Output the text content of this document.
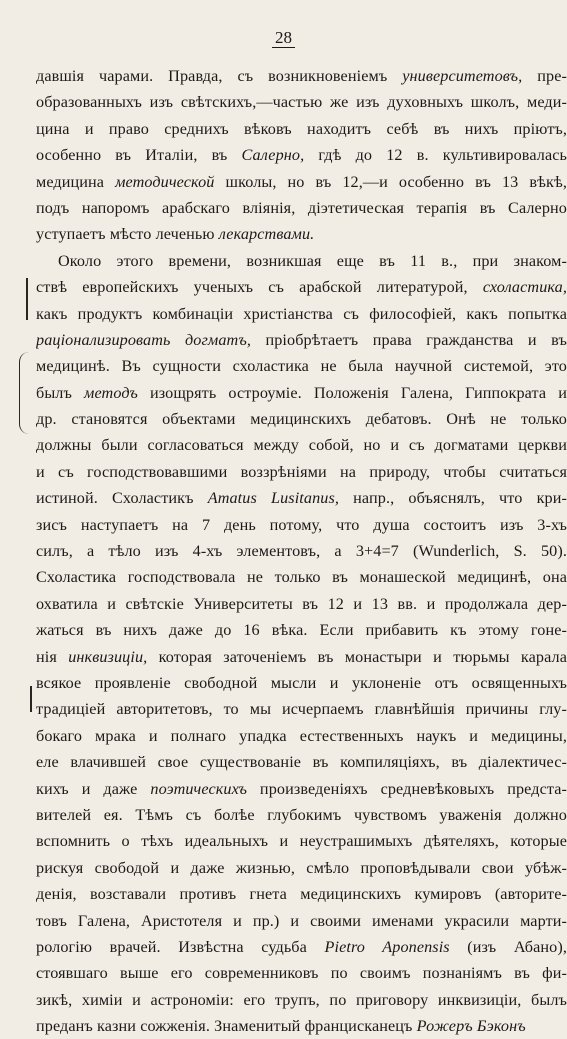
28
давшія чарами. Правда, съ возникновеніемъ университетовъ, пре-
образованныхъ изъ свѣтскихъ,—частью же изъ духовныхъ школъ, меди-
цина и право среднихъ вѣковъ находитъ себѣ въ нихъ пріютъ,
особенно въ Италіи, въ Салерно, гдѣ до 12 в. культивировалась
медицина методической школы, но въ 12,—и особенно въ 13 вѣкѣ,
подъ напоромъ арабскаго вліянія, діэтетическая терапія въ Салерно
уступаетъ мѣсто леченью лекарствами.
Около этого времени, возникшая еще въ 11 в., при знаком-
ствѣ европейскихъ ученыхъ съ арабской литературой, схоластика,
какъ продуктъ комбинаціи христіанства съ философіей, какъ попытка
раціонализировать догматъ, пріобрѣтаетъ права гражданства и въ
медицинѣ. Въ сущности схоластика не была научной системой, это
былъ методъ изощрять остроуміе. Положенія Галена, Гиппократа и
др. становятся объектами медицинскихъ дебатовъ. Онѣ не только
должны были согласоваться между собой, но и съ догматами церкви
и съ господствовавшими воззрѣніями на природу, чтобы считаться
истиной. Схоластикъ Amatus Lusitanus, напр., объяснялъ, что кри-
зисъ наступаетъ на 7 день потому, что душа состоитъ изъ 3-хъ
силъ, а тѣло изъ 4-хъ элементовъ, а 3+4=7 (Wunderlich, S. 50).
Схоластика господствовала не только въ монашеской медицинѣ, она
охватила и свѣтскіе Университеты въ 12 и 13 вв. и продолжала дер-
жаться въ нихъ даже до 16 вѣка. Если прибавить къ этому гоне-
нія инквизиціи, которая заточеніемъ въ монастыри и тюрьмы карала
всякое проявленіе свободной мысли и уклоненіе отъ освященныхъ
традиціей авторитетовъ, то мы исчерпаемъ главнѣйшія причины глу-
бокаго мрака и полнаго упадка естественныхъ наукъ и медицины,
еле влачившей свое существованіе въ компиляціяхъ, въ діалектичес-
кихъ и даже поэтическихъ произведеніяхъ средневѣковыхъ предста-
вителей ея. Тѣмъ съ болѣе глубокимъ чувствомъ уваженія должно
вспомнить о тѣхъ идеальныхъ и неустрашимыхъ дѣятеляхъ, которые
рискуя свободой и даже жизнью, смѣло проповѣдывали свои убѣж-
денія, возставали противъ гнета медицинскихъ кумировъ (авторите-
товъ Галена, Аристотеля и пр.) и своими именами украсили марти-
рологію врачей. Извѣстна судьба Pietro Aponensis (изъ Абано),
стоявшаго выше его современниковъ по своимъ познаніямъ въ фи-
зикѣ, химіи и астрономіи: его трупъ, по приговору инквизиціи, былъ
преданъ казни сожженія. Знаменитый францисканецъ Рожеръ Бэконъ
